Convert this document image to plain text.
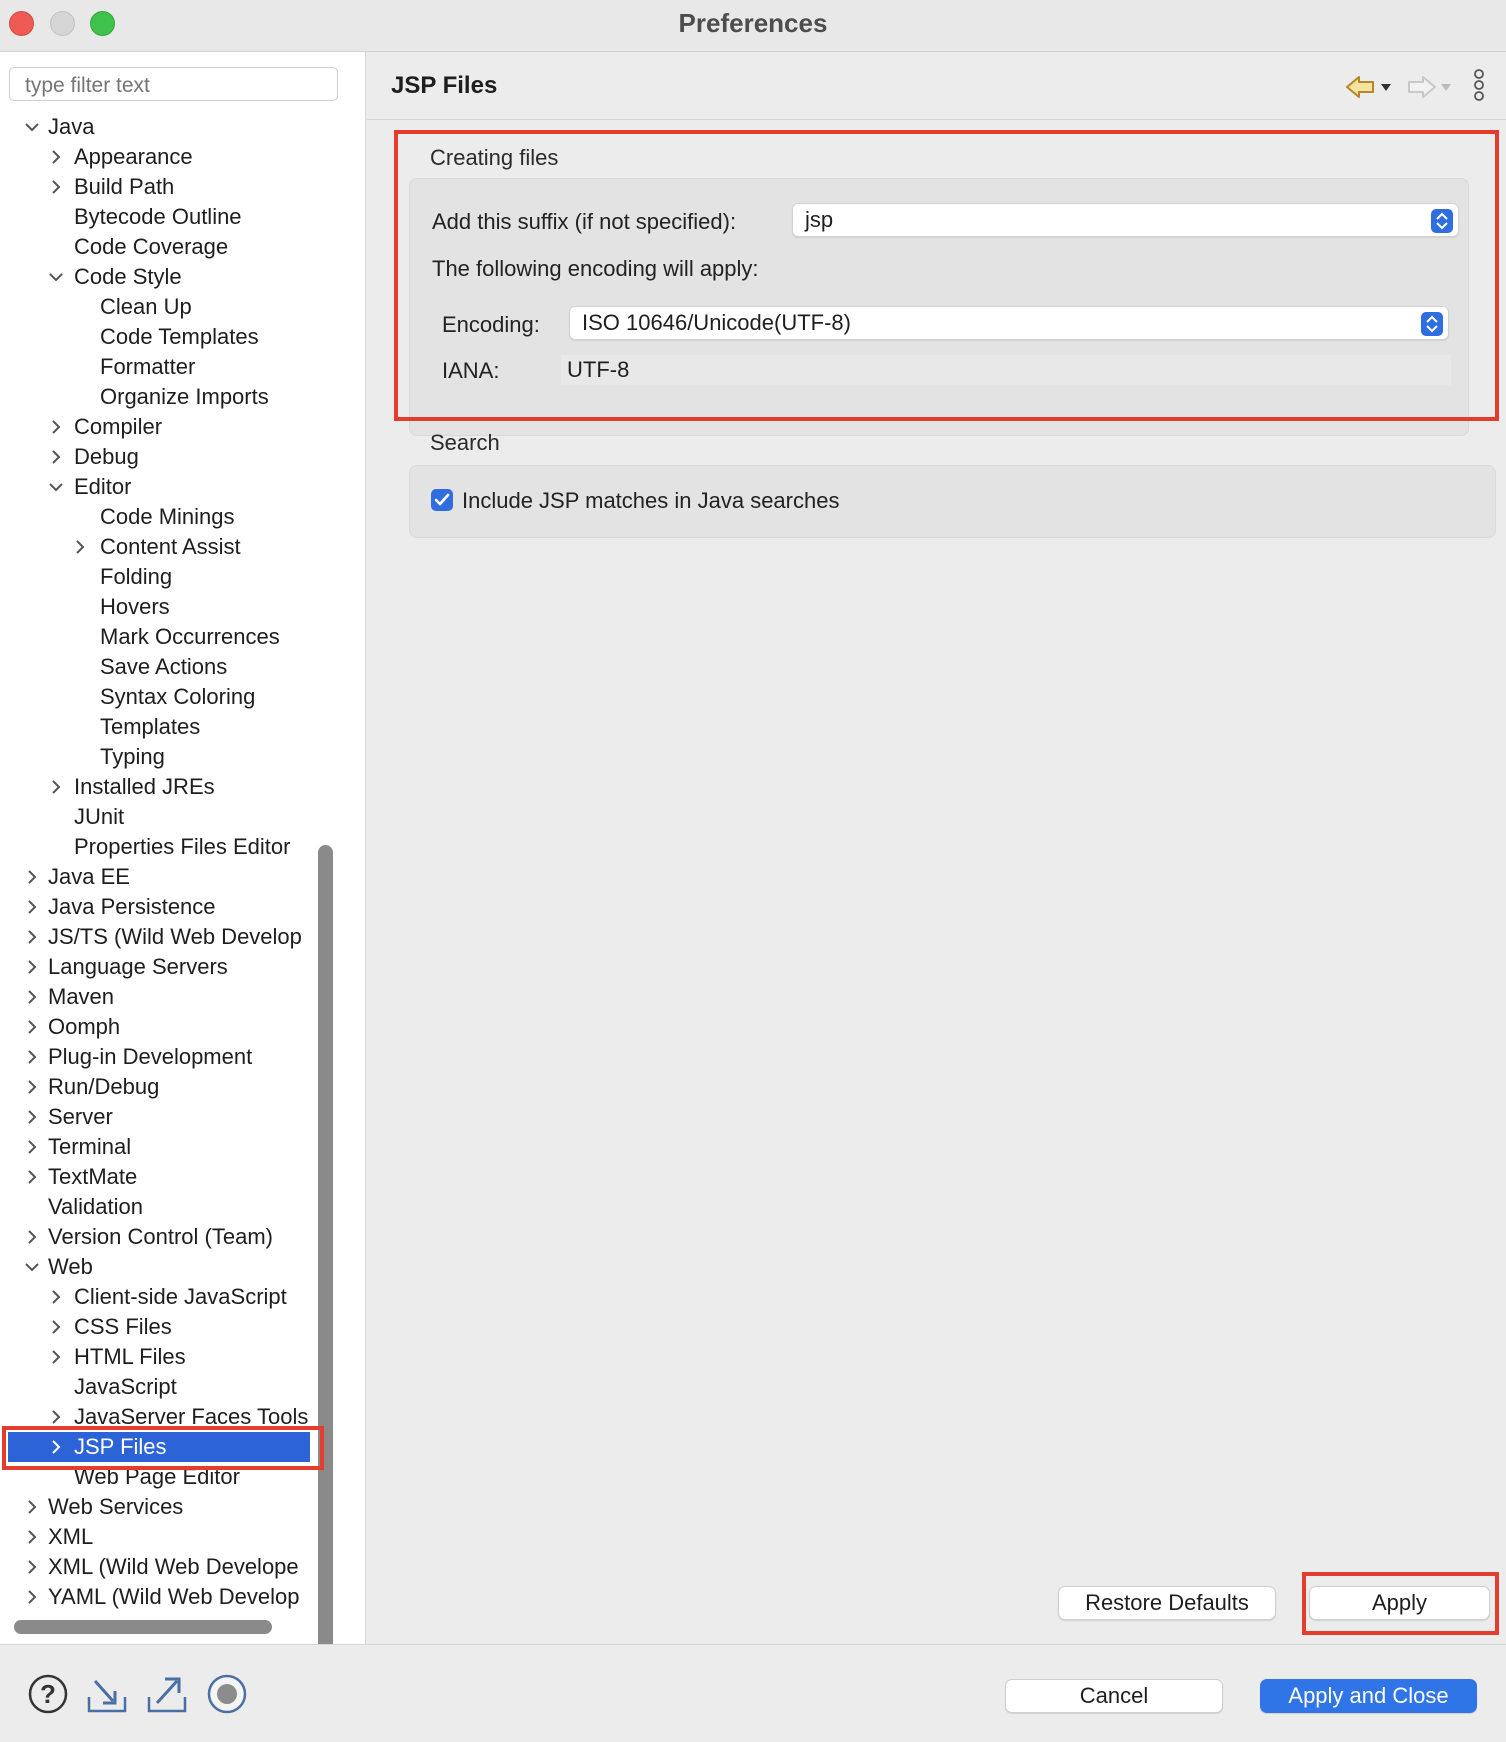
Preferences
type filter text
Java
Appearance
Build Path
Bytecode Outline
Code Coverage
Code Style
Clean Up
Code Templates
Formatter
Organize Imports
Compiler
Debug
Editor
Code Minings
Content Assist
Folding
Hovers
Mark Occurrences
Save Actions
Syntax Coloring
Templates
Typing
Installed JREs
JUnit
Properties Files Editor
Java EE
Java Persistence
JS/TS (Wild Web Develop
Language Servers
Maven
Oomph
Plug-in Development
Run/Debug
Server
Terminal
TextMate
Validation
Version Control (Team)
Web
Client-side JavaScript
CSS Files
HTML Files
JavaScript
JavaServer Faces Tools
JSP Files
Web Page Editor
Web Services
XML
XML (Wild Web Develope
YAML (Wild Web Develop
JSP Files
Creating files
Add this suffix (if not specified):	jsp
The following encoding will apply:
Encoding:	ISO 10646/Unicode(UTF-8)
IANA:	UTF-8
Search
Include JSP matches in Java searches
Restore Defaults	Apply
?	Cancel	Apply and Close
